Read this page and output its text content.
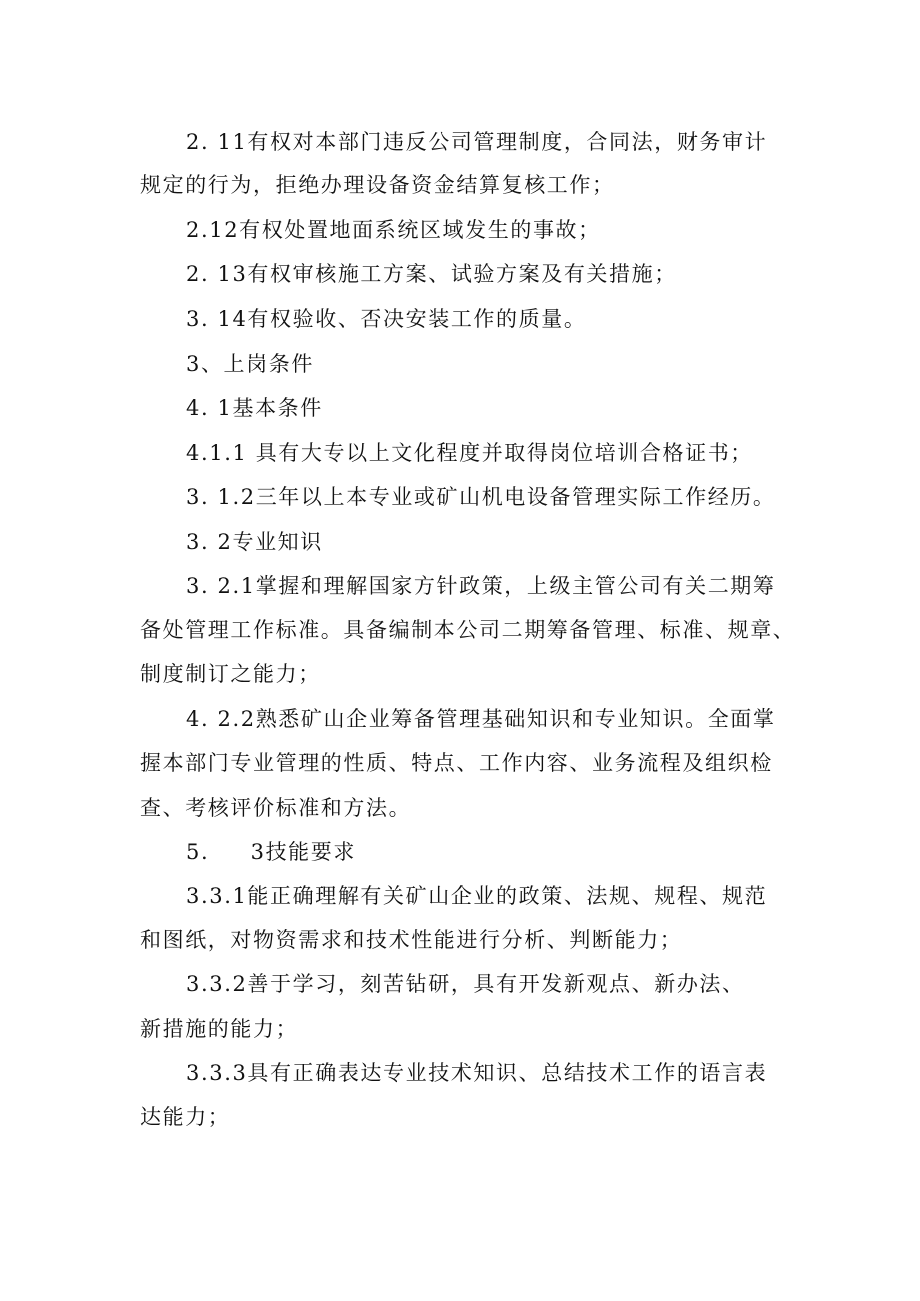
2. 11有权对本部门违反公司管理制度，合同法，财务审计
规定的行为，拒绝办理设备资金结算复核工作；
2.12有权处置地面系统区域发生的事故；
2. 13有权审核施工方案、试验方案及有关措施；
3. 14有权验收、否决安装工作的质量。
3、上岗条件
4. 1基本条件
4.1.1 具有大专以上文化程度并取得岗位培训合格证书；
3. 1.2三年以上本专业或矿山机电设备管理实际工作经历。
3. 2专业知识
3. 2.1掌握和理解国家方针政策，上级主管公司有关二期筹
备处管理工作标准。具备编制本公司二期筹备管理、标准、规章、
制度制订之能力；
4. 2.2熟悉矿山企业筹备管理基础知识和专业知识。全面掌
握本部门专业管理的性质、特点、工作内容、业务流程及组织检
查、考核评价标准和方法。
5.     3技能要求
3.3.1能正确理解有关矿山企业的政策、法规、规程、规范
和图纸，对物资需求和技术性能进行分析、判断能力；
3.3.2善于学习，刻苦钻研，具有开发新观点、新办法、
新措施的能力；
3.3.3具有正确表达专业技术知识、总结技术工作的语言表
达能力；
